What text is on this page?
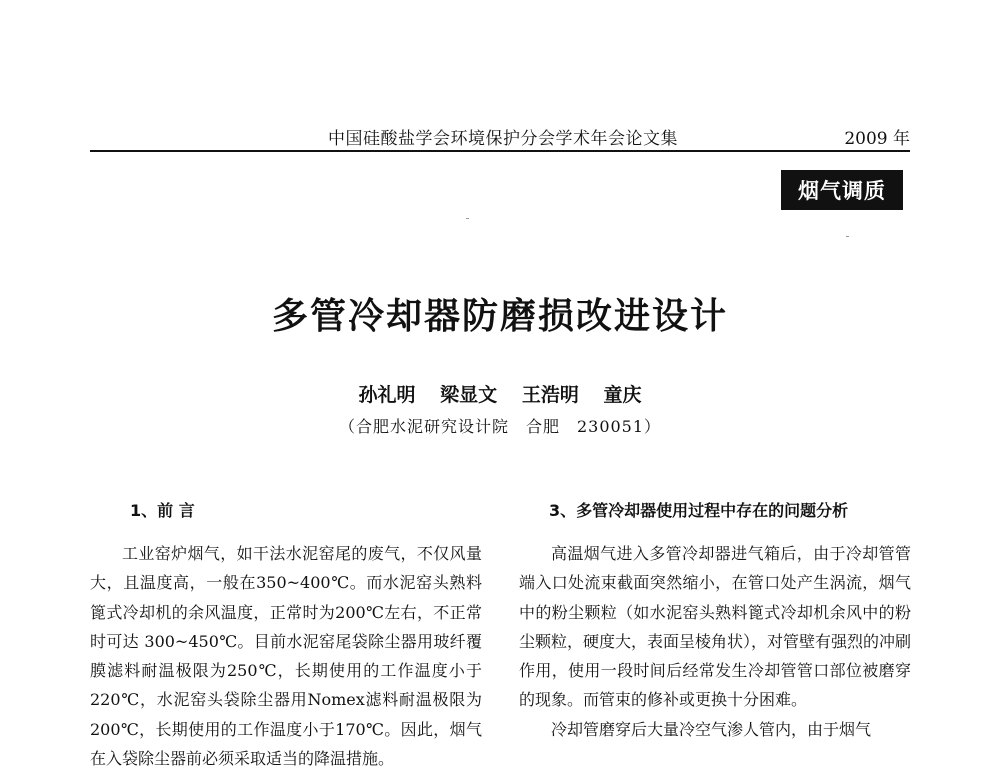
中国硅酸盐学会环境保护分会学术年会论文集	2009 年
烟气调质
多管冷却器防磨损改进设计
孙礼明 梁显文 王浩明 童庆
（合肥水泥研究设计院　合肥　230051）
1、前 言

工业窑炉烟气，如干法水泥窑尾的废气，不仅风量大，且温度高，一般在350~400℃。而水泥窑头熟料篦式冷却机的余风温度，正常时为200℃左右，不正常时可达 300~450℃。目前水泥窑尾袋除尘器用玻纤覆膜滤料耐温极限为250℃，长期使用的工作温度小于220℃，水泥窑头袋除尘器用Nomex滤料耐温极限为200℃，长期使用的工作温度小于170℃。因此，烟气在入袋除尘器前必须采取适当的降温措施。

3、多管冷却器使用过程中存在的问题分析

高温烟气进入多管冷却器进气箱后，由于冷却管管端入口处流束截面突然缩小，在管口处产生涡流，烟气中的粉尘颗粒（如水泥窑头熟料篦式冷却机余风中的粉尘颗粒，硬度大，表面呈棱角状），对管壁有强烈的冲刷作用，使用一段时间后经常发生冷却管管口部位被磨穿的现象。而管束的修补或更换十分困难。

冷却管磨穿后大量冷空气渗人管内，由于烟气
